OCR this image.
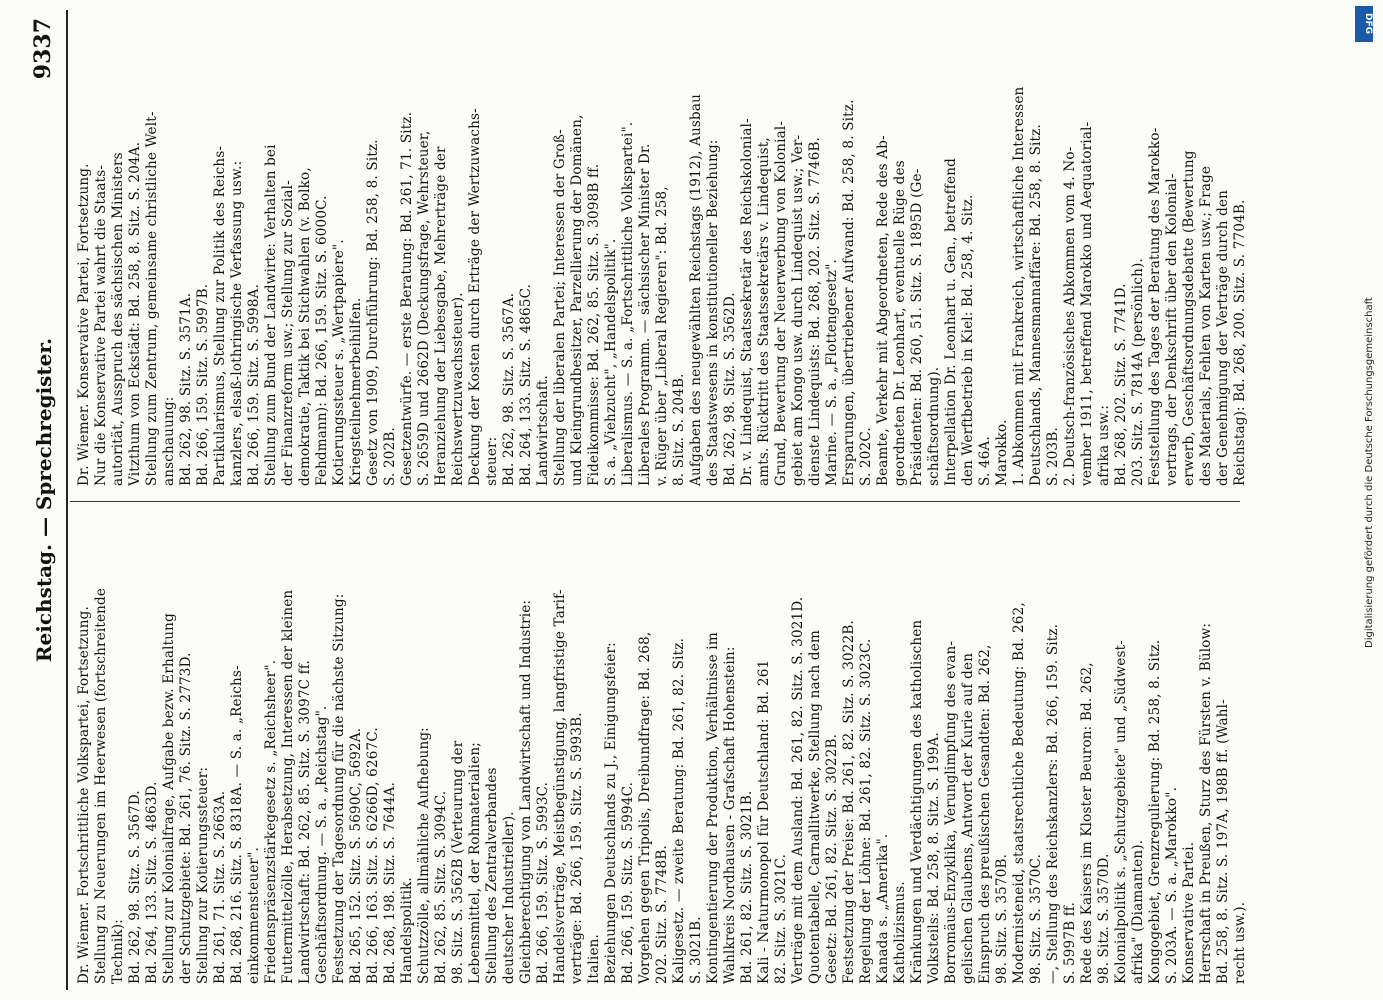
Reichstag. — Sprechregister.
9337
Dr. Wiemer. Fortschrittliche Volkspartei, Fortsetzung. Stellung zu Neuerungen im Heerwesen (fortschreitende Technik): Bd. 262, 98. Sitz. S. 3567D. Bd. 264, 133. Sitz. S. 4863D. Stellung zur Kolonialfrage, Aufgabe bezw. Erhaltung der Schutzgebiete: Bd. 261, 76. Sitz. S. 2773D. Stellung zur Kotierungssteuer: Bd. 261, 71. Sitz. S. 2663A. Bd. 268, 216. Sitz. S. 8318A. — S. a. „Reichs- einkommensteuer". Friedenspräsenzstärkegesetz s. „Reichsheer". Futtermittelzölle, Herabsetzung, Interessen der kleinen Landwirtschaft: Bd. 262, 85. Sitz. S. 3097C ff. Geschäftsordnung. — S. a. „Reichstag". Festsetzung der Tagesordnung für die nächste Sitzung: Bd. 265, 152. Sitz. S. 5690C, 5692A. Bd. 266, 163. Sitz. S. 6266D, 6267C. Bd. 268, 198. Sitz. S. 7644A. Handelspolitik. Schutzzölle, allmähliche Aufhebung: Bd. 262, 85. Sitz. S. 3094C. 98. Sitz. S. 3562B (Verteurung der Lebensmittel, der Rohmaterialien; Stellung des Zentralverbandes deutscher Industrieller). Gleichberechtigung von Landwirtschaft und Industrie: Bd. 266, 159. Sitz. S. 5993C. Handelsverträge, Meistbegünstigung, langfristige Tarif- verträge: Bd. 266, 159. Sitz. S. 5993B. Italien. Beziehungen Deutschlands zu J., Einigungsfeier: Bd. 266, 159. Sitz. S. 5994C. Vorgehen gegen Tripolis, Dreibundfrage: Bd. 268, 202. Sitz. S. 7748B. Kaligesetz. — zweite Beratung: Bd. 261, 82. Sitz. S. 3021B. Kontingentierung der Produktion, Verhältnisse im Wahlkreis Nordhausen - Grafschaft Hohenstein: Bd. 261, 82. Sitz. S. 3021B. Kali - Naturmonopol für Deutschland: Bd. 261 82. Sitz. S. 3021C. Verträge mit dem Ausland: Bd. 261, 82. Sitz. S. 3021D. Quotentabelle, Carnallitwerke, Stellung nach dem Gesetz: Bd. 261, 82. Sitz. S. 3022B. Festsetzung der Preise: Bd. 261, 82. Sitz. S. 3022B. Regelung der Löhne: Bd. 261, 82. Sitz. S. 3023C. Kanada s. „Amerika". Katholizismus. Kränkungen und Verdächtigungen des katholischen Volksteils: Bd. 258, 8. Sitz. S. 199A. Borromäus-Enzyklika, Verunglimpfung des evan- gelischen Glaubens, Antwort der Kurie auf den Einspruch des preußischen Gesandten: Bd. 262, 98. Sitz. S. 3570B. Modernisteneid, staatsrechtliche Bedeutung: Bd. 262, 98. Sitz. S. 3570C. —, Stellung des Reichskanzlers: Bd. 266, 159. Sitz. S. 5997B ff. Rede des Kaisers im Kloster Beuron: Bd. 262, 98. Sitz. S. 3570D. Kolonialpolitik s. „Schutzgebiete" und „Südwest- afrika" (Diamanten). Kongogebiet, Grenzregulierung: Bd. 258, 8. Sitz. S. 203A. — S. a. „Marokko". Konservative Partei. Herrschaft in Preußen, Sturz des Fürsten v. Bülow: Bd. 258, 8. Sitz. S. 197A, 198B ff. (Wahl- recht usw.).
Dr. Wiemer. Konservative Partei, Fortsetzung. Nur die Konservative Partei wahrt die Staats- autorität, Ausspruch des sächsischen Ministers Vitzthum von Eckstädt: Bd. 258, 8. Sitz. S. 204A. Stellung zum Zentrum, gemeinsame christliche Welt- anschauung: Bd. 262, 98. Sitz. S. 3571A. Bd. 266, 159. Sitz. S. 5997B. Partikularismus, Stellung zur Politik des Reichs- kanzlers, elsaß-lothringische Verfassung usw.: Bd. 266, 159. Sitz. S. 5998A. Stellung zum Bund der Landwirte: Verhalten bei der Finanzreform usw.; Stellung zur Sozial- demokratie, Taktik bei Stichwahlen (v. Bolko, Fehdmann): Bd. 266, 159. Sitz. S. 6000C. Kotierungssteuer s. „Wertpapiere". Kriegsteilnehmerbeihilfen. Gesetz von 1909, Durchführung: Bd. 258, 8. Sitz. S. 202B. Gesetzentwürfe. — erste Beratung: Bd. 261, 71. Sitz. S. 2659D und 2662D (Deckungsfrage, Wehrsteuer, Heranziehung der Liebesgabe, Mehrerträge der Reichswertzuwachssteuer). Deckung der Kosten durch Erträge der Wertzuwachs- steuer: Bd. 262, 98. Sitz. S. 3567A. Bd. 264, 133. Sitz. S. 4865C. Landwirtschaft. Stellung der liberalen Partei; Interessen der Groß- und Kleingrundbesitzer, Parzellierung der Domänen, Fideikommisse: Bd. 262, 85. Sitz. S. 3098B ff. S. a. „Viehzucht", „Handelspolitik". Liberalismus. — S. a. „Fortschrittliche Volkspartei". Liberales Programm. — sächsischer Minister Dr. v. Rüger über „Liberal Regieren": Bd. 258, 8. Sitz. S. 204B. Aufgaben des neugewählten Reichstags (1912), Ausbau des Staatswesens in konstitutioneller Beziehung: Bd. 262, 98. Sitz. S. 3562D. Dr. v. Lindequist, Staatssekretär des Reichskolonial- amts. Rücktritt des Staatssekretärs v. Lindequist, Grund, Bewertung der Neuerwerbung von Kolonial- gebiet am Kongo usw. durch Lindequist usw.; Ver- dienste Lindequists: Bd. 268, 202. Sitz. S. 7746B. Marine. — S. a. „Flottengesetz". Ersparungen, übertriebener Aufwand: Bd. 258, 8. Sitz. S. 202C. Beamte, Verkehr mit Abgeordneten, Rede des Ab- geordneten Dr. Leonhart, eventuelle Rüge des Präsidenten: Bd. 260, 51. Sitz. S. 1895D (Ge- schäftsordnung). Interpellation Dr. Leonhart u. Gen., betreffend den Werftbetrieb in Kiel: Bd. 258, 4. Sitz. S. 46A. Marokko. 1. Abkommen mit Frankreich, wirtschaftliche Interessen Deutschlands, Mannesmannaffäre: Bd. 258, 8. Sitz. S. 203B. 2. Deutsch-französisches Abkommen vom 4. No- vember 1911, betreffend Marokko und Aequatorial- afrika usw.: Bd. 268, 202. Sitz. S. 7741D. 203. Sitz. S. 7814A (persönlich). Feststellung des Tages der Beratung des Marokko- vertrags, der Denkschrift über den Kolonial- erwerb, Geschäftsordnungsdebatte (Bewertung des Materials, Fehlen von Karten usw.; Frage der Genehmigung der Verträge durch den Reichstag): Bd. 268, 200. Sitz. S. 7704B.
DFG
Digitalisierung gefördert durch die Deutsche Forschungsgemeinschaft
